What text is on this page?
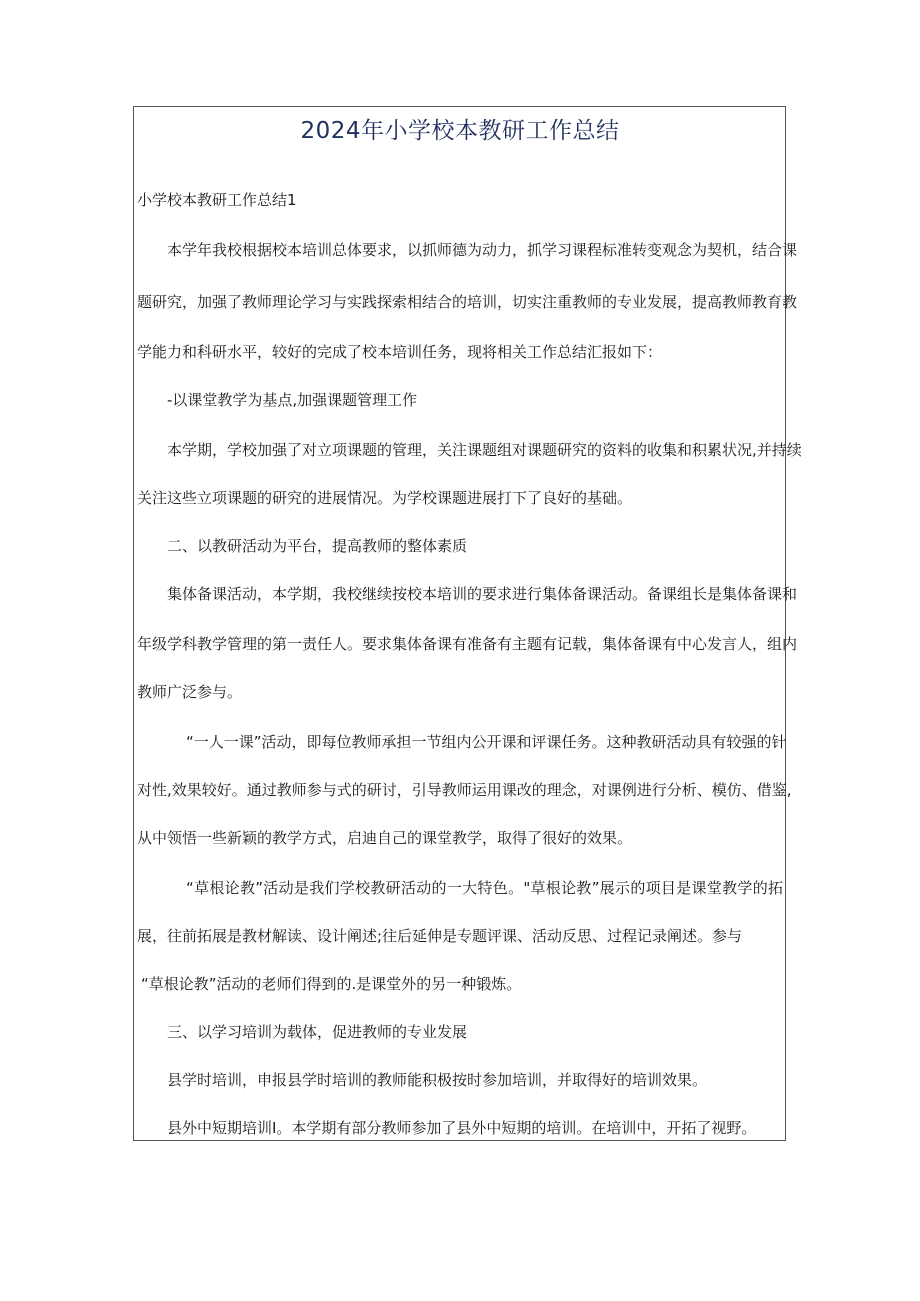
2024年小学校本教研工作总结
小学校本教研工作总结1
本学年我校根据校本培训总体要求，以抓师德为动力，抓学习课程标准转变观念为契机，结合课
题研究，加强了教师理论学习与实践探索相结合的培训，切实注重教师的专业发展，提高教师教育教
学能力和科研水平，较好的完成了校本培训任务，现将相关工作总结汇报如下：
-以课堂教学为基点,加强课题管理工作
本学期，学校加强了对立项课题的管理，关注课题组对课题研究的资料的收集和积累状况,并持续
关注这些立项课题的研究的进展情况。为学校课题进展打下了良好的基础。
二、以教研活动为平台，提高教师的整体素质
集体备课活动，本学期，我校继续按校本培训的要求进行集体备课活动。备课组长是集体备课和
年级学科教学管理的第一责任人。要求集体备课有准备有主题有记载，集体备课有中心发言人，组内
教师广泛参与。
“一人一课”活动，即每位教师承担一节组内公开课和评课任务。这种教研活动具有较强的针
对性,效果较好。通过教师参与式的研讨，引导教师运用课改的理念，对课例进行分析、模仿、借鉴,
从中领悟一些新颖的教学方式，启迪自己的课堂教学，取得了很好的效果。
“草根论教”活动是我们学校教研活动的一大特色。"草根论教”展示的项目是课堂教学的拓
展，往前拓展是教材解读、设计阐述;往后延伸是专题评课、活动反思、过程记录阐述。参与
“草根论教”活动的老师们得到的.是课堂外的另一种锻炼。
三、以学习培训为载体，促进教师的专业发展
县学时培训，申报县学时培训的教师能积极按时参加培训，并取得好的培训效果。
县外中短期培训Ⅰ。本学期有部分教师参加了县外中短期的培训。在培训中，开拓了视野。
